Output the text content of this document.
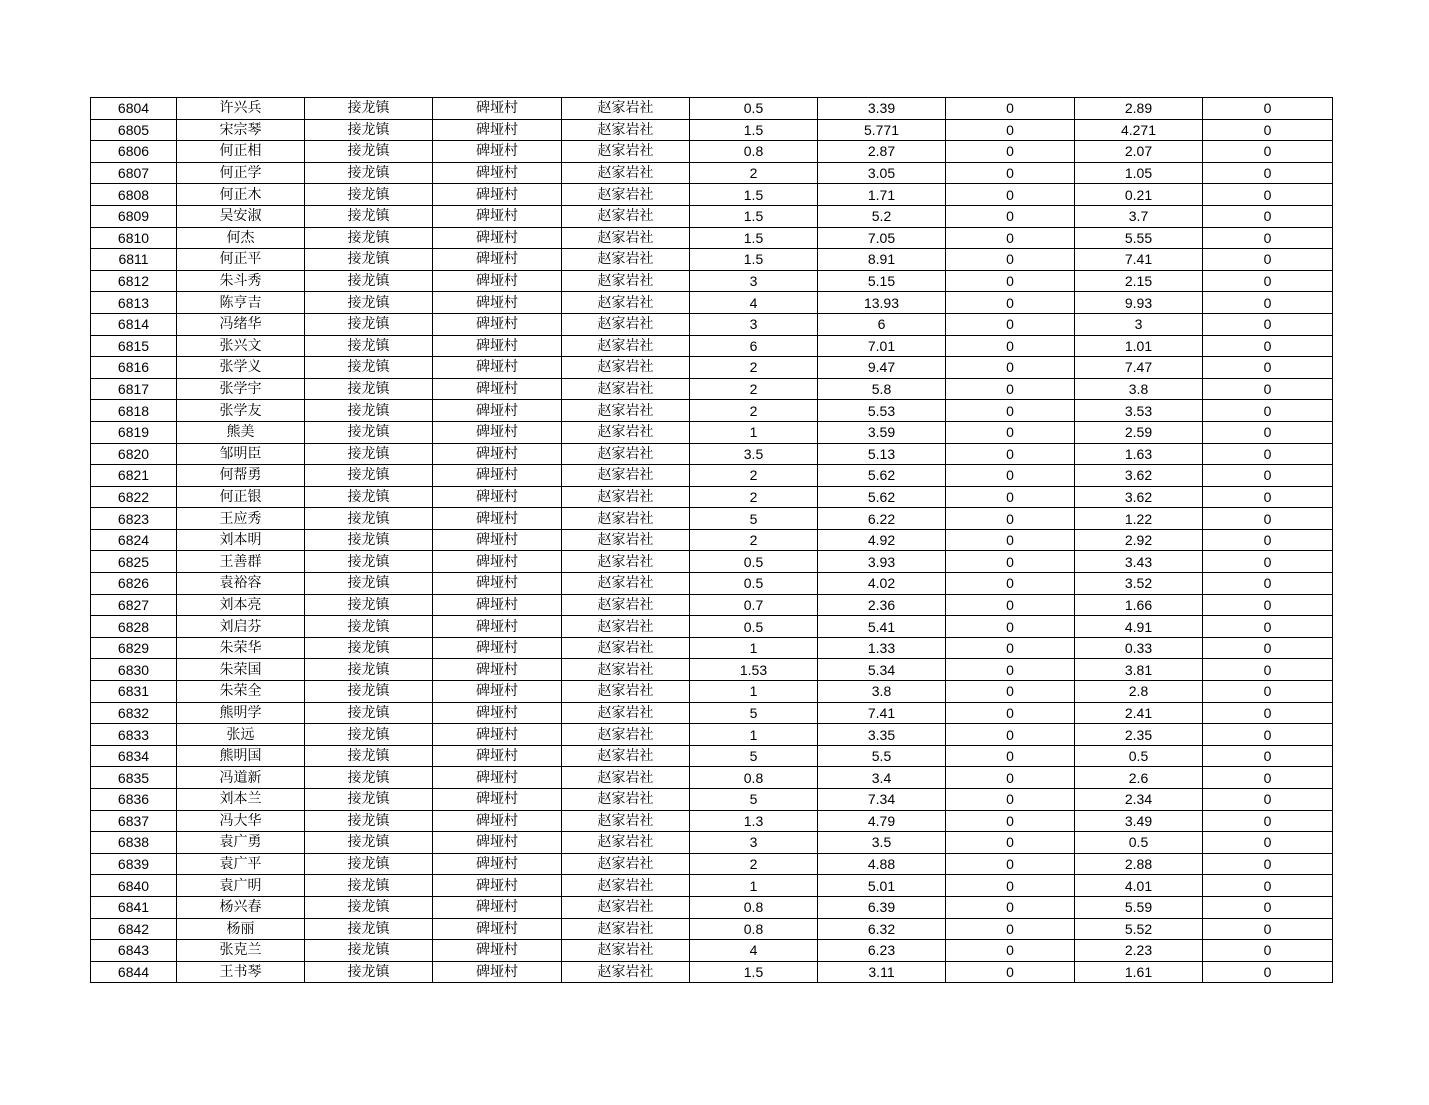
6804	许兴兵	接龙镇	碑垭村	赵家岩社	0.5	3.39	0	2.89	0
6805	宋宗琴	接龙镇	碑垭村	赵家岩社	1.5	5.771	0	4.271	0
6806	何正相	接龙镇	碑垭村	赵家岩社	0.8	2.87	0	2.07	0
6807	何正学	接龙镇	碑垭村	赵家岩社	2	3.05	0	1.05	0
6808	何正木	接龙镇	碑垭村	赵家岩社	1.5	1.71	0	0.21	0
6809	吴安淑	接龙镇	碑垭村	赵家岩社	1.5	5.2	0	3.7	0
6810	何杰	接龙镇	碑垭村	赵家岩社	1.5	7.05	0	5.55	0
6811	何正平	接龙镇	碑垭村	赵家岩社	1.5	8.91	0	7.41	0
6812	朱斗秀	接龙镇	碑垭村	赵家岩社	3	5.15	0	2.15	0
6813	陈亨吉	接龙镇	碑垭村	赵家岩社	4	13.93	0	9.93	0
6814	冯绪华	接龙镇	碑垭村	赵家岩社	3	6	0	3	0
6815	张兴文	接龙镇	碑垭村	赵家岩社	6	7.01	0	1.01	0
6816	张学义	接龙镇	碑垭村	赵家岩社	2	9.47	0	7.47	0
6817	张学宇	接龙镇	碑垭村	赵家岩社	2	5.8	0	3.8	0
6818	张学友	接龙镇	碑垭村	赵家岩社	2	5.53	0	3.53	0
6819	熊美	接龙镇	碑垭村	赵家岩社	1	3.59	0	2.59	0
6820	邹明臣	接龙镇	碑垭村	赵家岩社	3.5	5.13	0	1.63	0
6821	何帮勇	接龙镇	碑垭村	赵家岩社	2	5.62	0	3.62	0
6822	何正银	接龙镇	碑垭村	赵家岩社	2	5.62	0	3.62	0
6823	王应秀	接龙镇	碑垭村	赵家岩社	5	6.22	0	1.22	0
6824	刘本明	接龙镇	碑垭村	赵家岩社	2	4.92	0	2.92	0
6825	王善群	接龙镇	碑垭村	赵家岩社	0.5	3.93	0	3.43	0
6826	袁裕容	接龙镇	碑垭村	赵家岩社	0.5	4.02	0	3.52	0
6827	刘本亮	接龙镇	碑垭村	赵家岩社	0.7	2.36	0	1.66	0
6828	刘启芬	接龙镇	碑垭村	赵家岩社	0.5	5.41	0	4.91	0
6829	朱荣华	接龙镇	碑垭村	赵家岩社	1	1.33	0	0.33	0
6830	朱荣国	接龙镇	碑垭村	赵家岩社	1.53	5.34	0	3.81	0
6831	朱荣全	接龙镇	碑垭村	赵家岩社	1	3.8	0	2.8	0
6832	熊明学	接龙镇	碑垭村	赵家岩社	5	7.41	0	2.41	0
6833	张远	接龙镇	碑垭村	赵家岩社	1	3.35	0	2.35	0
6834	熊明国	接龙镇	碑垭村	赵家岩社	5	5.5	0	0.5	0
6835	冯道新	接龙镇	碑垭村	赵家岩社	0.8	3.4	0	2.6	0
6836	刘本兰	接龙镇	碑垭村	赵家岩社	5	7.34	0	2.34	0
6837	冯大华	接龙镇	碑垭村	赵家岩社	1.3	4.79	0	3.49	0
6838	袁广勇	接龙镇	碑垭村	赵家岩社	3	3.5	0	0.5	0
6839	袁广平	接龙镇	碑垭村	赵家岩社	2	4.88	0	2.88	0
6840	袁广明	接龙镇	碑垭村	赵家岩社	1	5.01	0	4.01	0
6841	杨兴春	接龙镇	碑垭村	赵家岩社	0.8	6.39	0	5.59	0
6842	杨丽	接龙镇	碑垭村	赵家岩社	0.8	6.32	0	5.52	0
6843	张克兰	接龙镇	碑垭村	赵家岩社	4	6.23	0	2.23	0
6844	王书琴	接龙镇	碑垭村	赵家岩社	1.5	3.11	0	1.61	0
